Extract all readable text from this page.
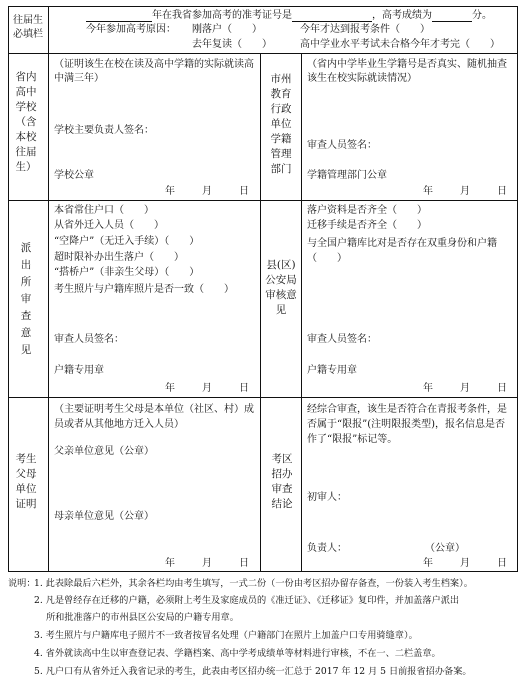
往届生必填栏
年在我省参加高考的准考证号是	，高考成绩为	分。
今年参加高考原因： 刚落户（　　）	今年才达到报考条件（　　）
去年复读（　　）	高中学业水平考试未合格今年才考完（　　）
省内高中学校（含本校往届生）
（证明该生在校在读及高中学籍的实际就读高中满三年）
学校主要负责人签名：
学校公章
年	月	日
市州教育行政单位学籍管理部门
（省内中学毕业生学籍号是否真实、随机抽查该生在校实际就读情况）
审查人员签名：
学籍管理部门公章
年	月	日
派出所审查意见
本省常住户口（　　）
从省外迁入人员（　　）
“空降户”（无迁入手续）（　　）
超时限补办出生落户（　　）
“搭桥户”（非亲生父母）（　　）
考生照片与户籍库照片是否一致（　　）
审查人员签名：
户籍专用章
年	月	日
县(区)公安局审核意见
落户资料是否齐全（　　）
迁移手续是否齐全（　　）
与全国户籍库比对是否存在双重身份和户籍（　　）
审查人员签名：
户籍专用章
年	月	日
考生父母单位证明
（主要证明考生父母是本单位（社区、村）成员或者从其他地方迁入人员）
父亲单位意见（公章）
母亲单位意见（公章）
年	月	日
考区招办审查结论
经综合审查，该生是否符合在青报考条件，是否属于“限报”(注明限报类型)，报名信息是否作了“限报”标记等。
初审人：
负责人：	（公章）
年	月	日
说明：
1. 此表除最后六栏外，其余各栏均由考生填写，一式二份（一份由考区招办留存备查，一份装入考生档案）。
2. 凡是曾经存在迁移的户籍，必须附上考生及家庭成员的《准迁证》、《迁移证》复印件，并加盖落户派出
所和批准落户的市州县区公安局的户籍专用章。
3. 考生照片与户籍库电子照片不一致者按冒名处理（户籍部门在照片上加盖户口专用骑缝章）。
4. 省外就读高中生以审查登记表、学籍档案、高中学考成绩单等材料进行审核，不在一、二栏盖章。
5. 凡户口有从省外迁入我省记录的考生，此表由考区招办统一汇总于 2017 年 12 月 5 日前报省招办备案。
